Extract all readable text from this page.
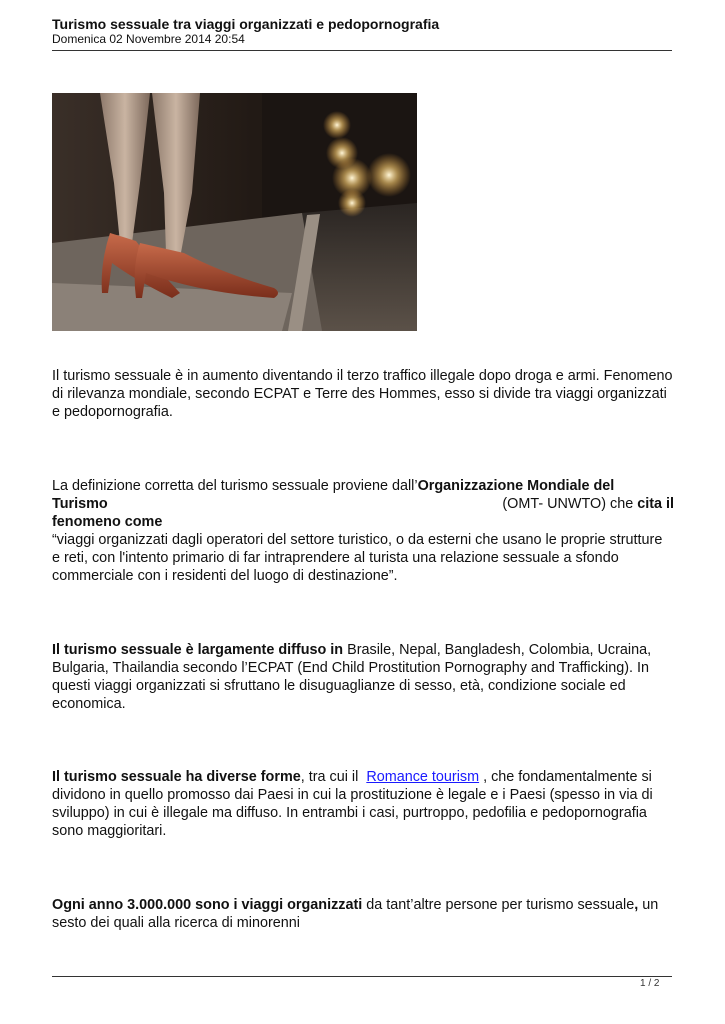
Turismo sessuale tra viaggi organizzati e pedopornografia
Domenica 02 Novembre 2014 20:54

Il turismo sessuale è in aumento diventando il terzo traffico illegale dopo droga e armi. Fenomeno di rilevanza mondiale, secondo ECPAT e Terre des Hommes, esso si divide tra viaggi organizzati e pedopornografia.

La definizione corretta del turismo sessuale proviene dall’Organizzazione Mondiale del
Turismo	(OMT- UNWTO) che cita il
fenomeno come
“viaggi organizzati dagli operatori del settore turistico, o da esterni che usano le proprie strutture e reti, con l'intento primario di far intraprendere al turista una relazione sessuale a sfondo commerciale con i residenti del luogo di destinazione”.

Il turismo sessuale è largamente diffuso in Brasile, Nepal, Bangladesh, Colombia, Ucraina, Bulgaria, Thailandia secondo l’ECPAT (End Child Prostitution Pornography and Trafficking). In questi viaggi organizzati si sfruttano le disuguaglianze di sesso, età, condizione sociale ed economica.

Il turismo sessuale ha diverse forme, tra cui il Romance tourism , che fondamentalmente si dividono in quello promosso dai Paesi in cui la prostituzione è legale e i Paesi (spesso in via di sviluppo) in cui è illegale ma diffuso. In entrambi i casi, purtroppo, pedofilia e pedopornografia sono maggioritari.

Ogni anno 3.000.000 sono i viaggi organizzati da tant’altre persone per turismo sessuale, un sesto dei quali alla ricerca di minorenni

1 / 2
